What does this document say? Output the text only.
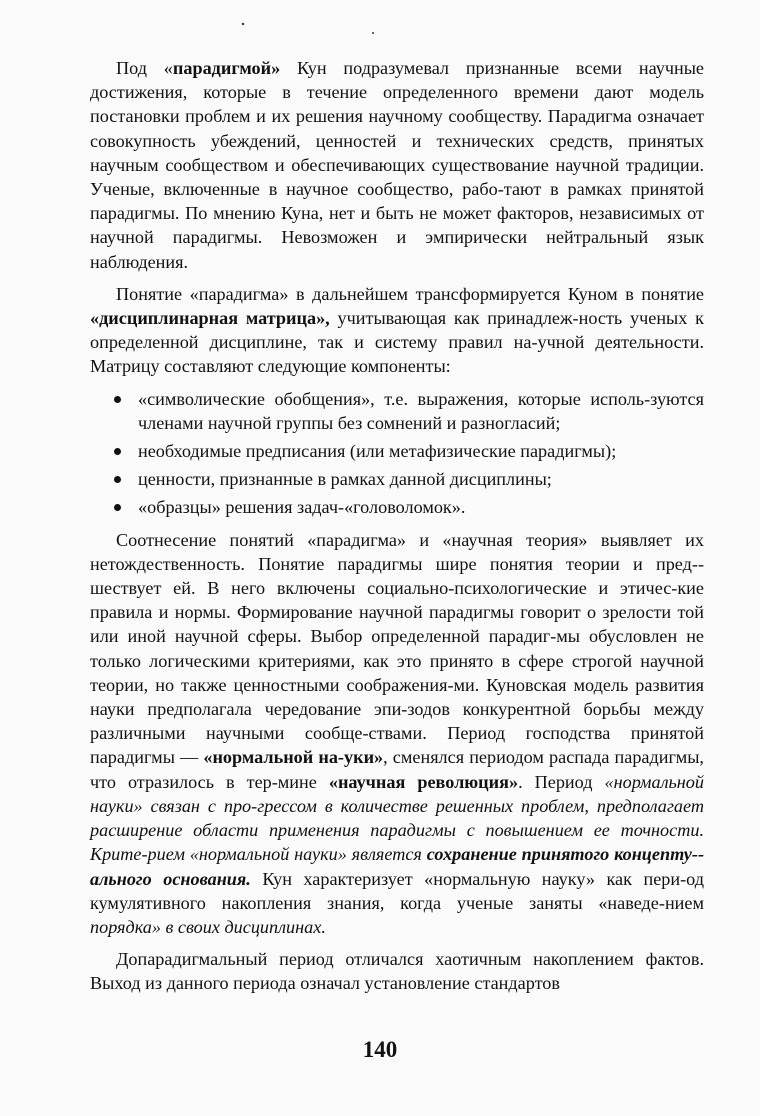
Под «парадигмой» Кун подразумевал признанные всеми научные достижения, которые в течение определенного времени дают модель постановки проблем и их решения научному сообществу. Парадигма означает совокупность убеждений, ценностей и технических средств, принятых научным сообществом и обеспечивающих существование научной традиции. Ученые, включенные в научное сообщество, рабо-тают в рамках принятой парадигмы. По мнению Куна, нет и быть не может факторов, независимых от научной парадигмы. Невозможен и эмпирически нейтральный язык наблюдения.

Понятие «парадигма» в дальнейшем трансформируется Куном в понятие «дисциплинарная матрица», учитывающая как принадлеж-ность ученых к определенной дисциплине, так и систему правил на-учной деятельности. Матрицу составляют следующие компоненты:

«символические обобщения», т.е. выражения, которые исполь-зуются членами научной группы без сомнений и разногласий;
необходимые предписания (или метафизические парадигмы);
ценности, признанные в рамках данной дисциплины;
«образцы» решения задач-«головоломок».

Соотнесение понятий «парадигма» и «научная теория» выявляет их нетождественность. Понятие парадигмы шире понятия теории и пред-шествует ей. В него включены социально-психологические и этичес-кие правила и нормы. Формирование научной парадигмы говорит о зрелости той или иной научной сферы. Выбор определенной парадиг-мы обусловлен не только логическими критериями, как это принято в сфере строгой научной теории, но также ценностными соображения-ми. Куновская модель развития науки предполагала чередование эпи-зодов конкурентной борьбы между различными научными сообще-ствами. Период господства принятой парадигмы — «нормальной на-уки», сменялся периодом распада парадигмы, что отразилось в тер-мине «научная революция». Период «нормальной науки» связан с про-грессом в количестве решенных проблем, предполагает расширение области применения парадигмы с повышением ее точности. Крите-рием «нормальной науки» является сохранение принятого концепту-ального основания. Кун характеризует «нормальную науку» как пери-од кумулятивного накопления знания, когда ученые заняты «наведе-нием порядка» в своих дисциплинах.

Допарадигмальный период отличался хаотичным накоплением фактов. Выход из данного периода означал установление стандартов

140
